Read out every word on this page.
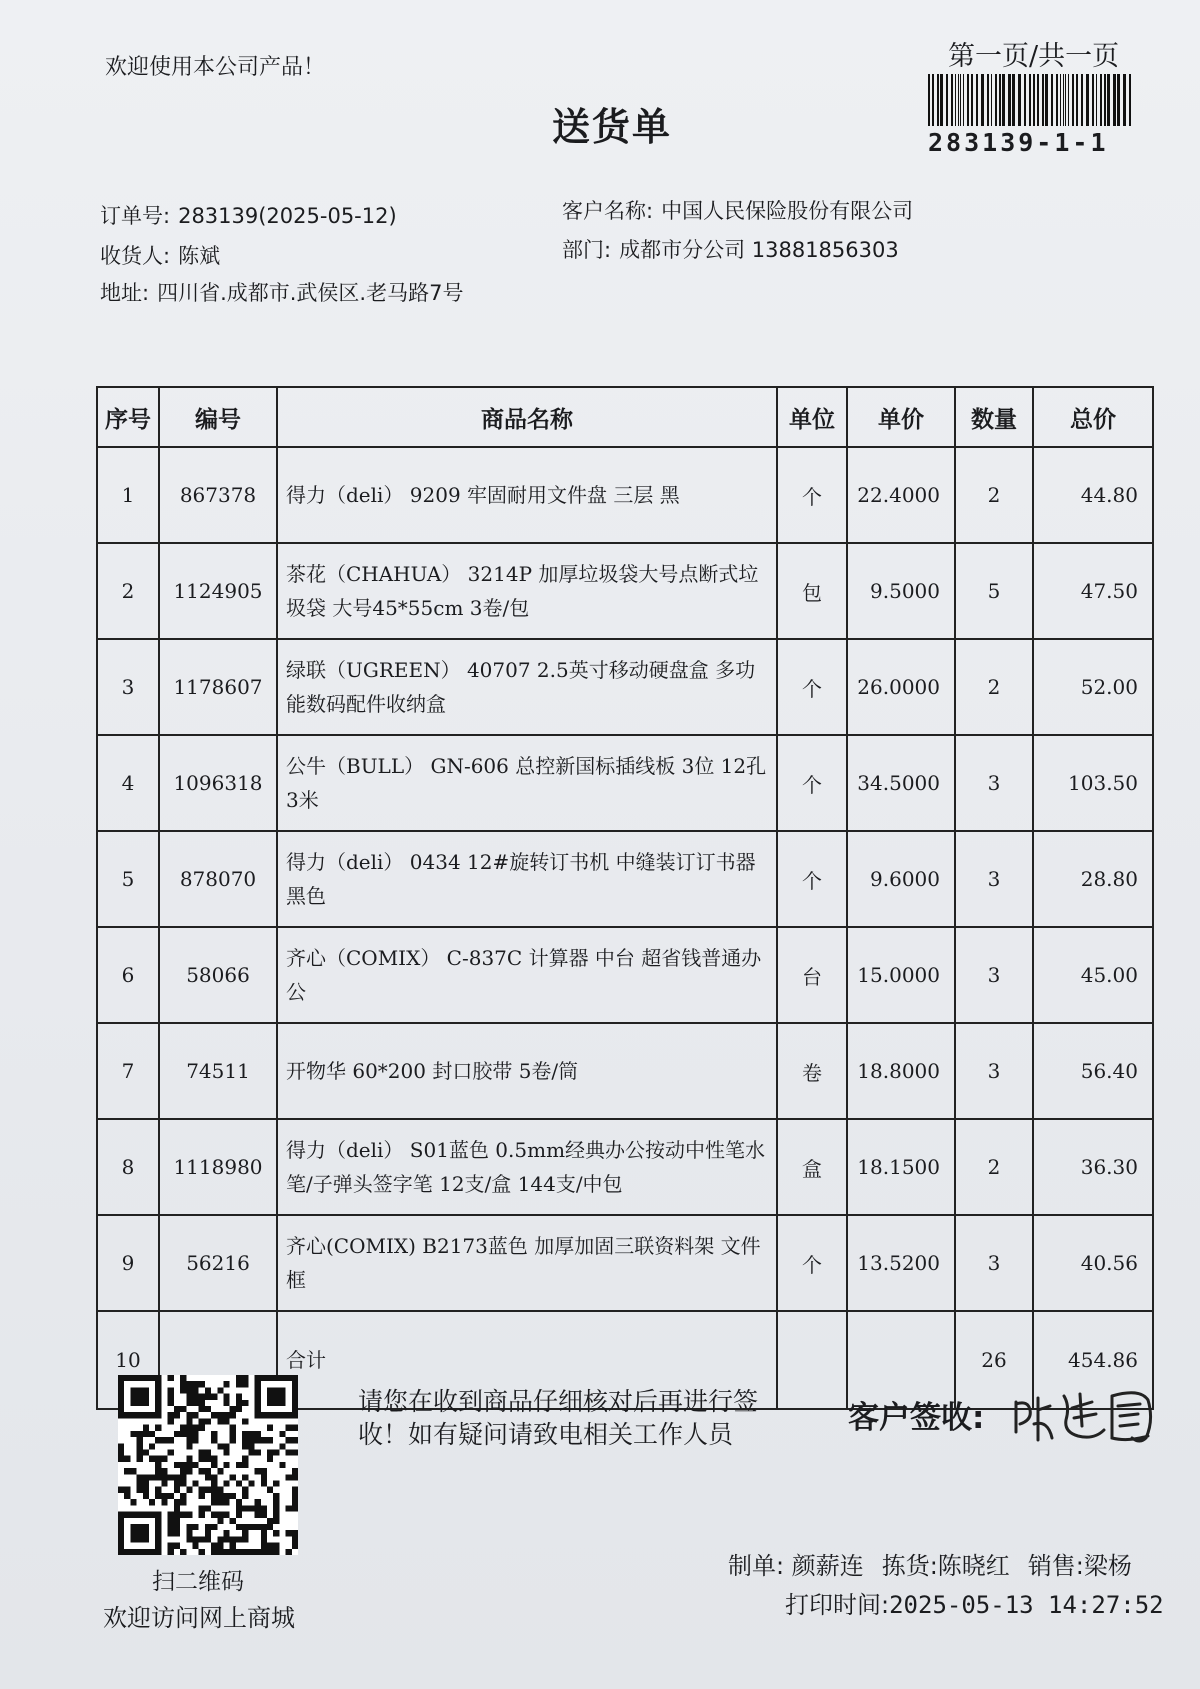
欢迎使用本公司产品！
送货单
第一页/共一页
283139-1-1
订单号: 283139(2025-05-12)
收货人: 陈斌
地址: 四川省.成都市.武侯区.老马路7号
客户名称: 中国人民保险股份有限公司
部门: 成都市分公司 13881856303
序号	编号	商品名称	单位	单价	数量	总价
1	867378	得力（deli） 9209 牢固耐用文件盘 三层 黑	个	22.4000	2	44.80
2	1124905	茶花（CHAHUA） 3214P 加厚垃圾袋大号点断式垃圾袋 大号45*55cm 3卷/包	包	9.5000	5	47.50
3	1178607	绿联（UGREEN） 40707 2.5英寸移动硬盘盒 多功能数码配件收纳盒	个	26.0000	2	52.00
4	1096318	公牛（BULL） GN-606 总控新国标插线板 3位 12孔 3米	个	34.5000	3	103.50
5	878070	得力（deli） 0434 12#旋转订书机 中缝装订订书器 黑色	个	9.6000	3	28.80
6	58066	齐心（COMIX） C-837C 计算器 中台 超省钱普通办公	台	15.0000	3	45.00
7	74511	开物华 60*200 封口胶带 5卷/筒	卷	18.8000	3	56.40
8	1118980	得力（deli） S01蓝色 0.5mm经典办公按动中性笔水笔/子弹头签字笔 12支/盒 144支/中包	盒	18.1500	2	36.30
9	56216	齐心(COMIX) B2173蓝色 加厚加固三联资料架 文件框	个	13.5200	3	40.56
10		合计			26	454.86
扫二维码
欢迎访问网上商城
请您在收到商品仔细核对后再进行签收！如有疑问请致电相关工作人员	客户签收:
制单: 颜薪连 拣货:陈晓红 销售:梁杨
打印时间:2025-05-13 14:27:52
